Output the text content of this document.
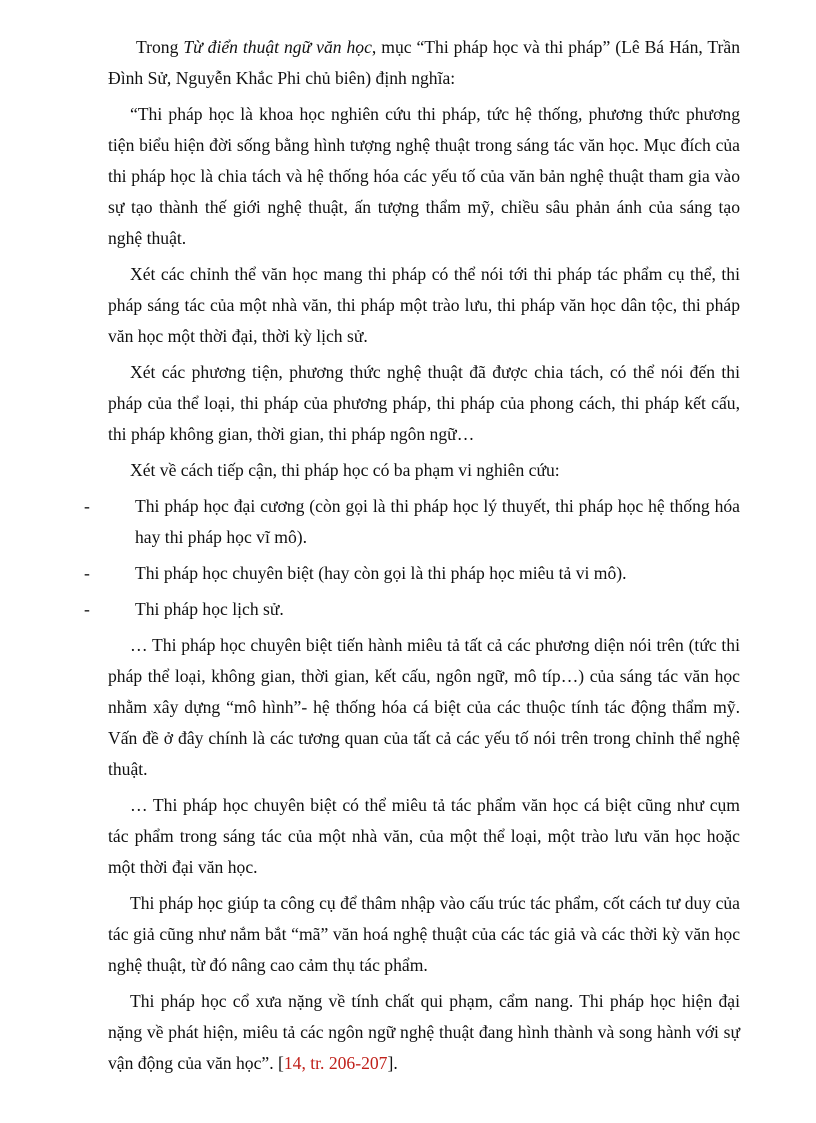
Trong Từ điển thuật ngữ văn học, mục “Thi pháp học và thi pháp” (Lê Bá Hán, Trần Đình Sử, Nguyễn Khắc Phi chủ biên) định nghĩa:

“Thi pháp học là khoa học nghiên cứu thi pháp, tức hệ thống, phương thức phương tiện biểu hiện đời sống bằng hình tượng nghệ thuật trong sáng tác văn học. Mục đích của thi pháp học là chia tách và hệ thống hóa các yếu tố của văn bản nghệ thuật tham gia vào sự tạo thành thế giới nghệ thuật, ấn tượng thẩm mỹ, chiều sâu phản ánh của sáng tạo nghệ thuật.

Xét các chỉnh thể văn học mang thi pháp có thể nói tới thi pháp tác phẩm cụ thể, thi pháp sáng tác của một nhà văn, thi pháp một trào lưu, thi pháp văn học dân tộc, thi pháp văn học một thời đại, thời kỳ lịch sử.

Xét các phương tiện, phương thức nghệ thuật đã được chia tách, có thể nói đến thi pháp của thể loại, thi pháp của phương pháp, thi pháp của phong cách, thi pháp kết cấu, thi pháp không gian, thời gian, thi pháp ngôn ngữ…

Xét về cách tiếp cận, thi pháp học có ba phạm vi nghiên cứu:

-	Thi pháp học đại cương (còn gọi là thi pháp học lý thuyết, thi pháp học hệ thống hóa hay thi pháp học vĩ mô).
-	Thi pháp học chuyên biệt (hay còn gọi là thi pháp học miêu tả vi mô).
-	Thi pháp học lịch sử.

… Thi pháp học chuyên biệt tiến hành miêu tả tất cả các phương diện nói trên (tức thi pháp thể loại, không gian, thời gian, kết cấu, ngôn ngữ, mô típ…) của sáng tác văn học nhằm xây dựng “mô hình”- hệ thống hóa cá biệt của các thuộc tính tác động thẩm mỹ. Vấn đề ở đây chính là các tương quan của tất cả các yếu tố nói trên trong chỉnh thể nghệ thuật.

… Thi pháp học chuyên biệt có thể miêu tả tác phẩm văn học cá biệt cũng như cụm tác phẩm trong sáng tác của một nhà văn, của một thể loại, một trào lưu văn học hoặc một thời đại văn học.

Thi pháp học giúp ta công cụ để thâm nhập vào cấu trúc tác phẩm, cốt cách tư duy của tác giả cũng như nắm bắt “mã” văn hoá nghệ thuật của các tác giả và các thời kỳ văn học nghệ thuật, từ đó nâng cao cảm thụ tác phẩm.

Thi pháp học cổ xưa nặng về tính chất qui phạm, cẩm nang. Thi pháp học hiện đại nặng về phát hiện, miêu tả các ngôn ngữ nghệ thuật đang hình thành và song hành với sự vận động của văn học”. [14, tr. 206-207].
